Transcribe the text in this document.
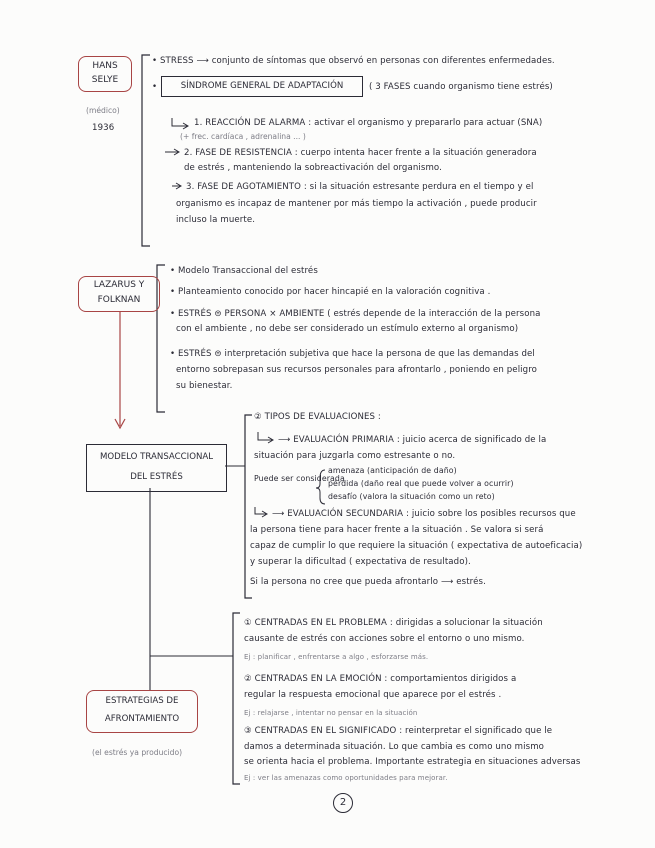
HANS
SELYE
(médico)
1936
• STRESS ⟶ conjunto de síntomas que observó en personas con diferentes enfermedades.
•	SÍNDROME GENERAL DE ADAPTACIÓN	( 3 FASES cuando organismo tiene estrés)
1. REACCIÓN DE ALARMA : activar el organismo y prepararlo para actuar (SNA)
(+ frec. cardíaca , adrenalina ... )
2. FASE DE RESISTENCIA : cuerpo intenta hacer frente a la situación generadora
de estrés , manteniendo la sobreactivación del organismo.
3. FASE DE AGOTAMIENTO : si la situación estresante perdura en el tiempo y el
organismo es incapaz de mantener por más tiempo la activación , puede producir
incluso la muerte.
LAZARUS Y
FOLKNAN
• Modelo Transaccional del estrés
• Planteamiento conocido por hacer hincapié en la valoración cognitiva .
• ESTRÉS ⊜ PERSONA × AMBIENTE ( estrés depende de la interacción de la persona
con el ambiente , no debe ser considerado un estímulo externo al organismo)
• ESTRÉS ⊜ interpretación subjetiva que hace la persona de que las demandas del
entorno sobrepasan sus recursos personales para afrontarlo , poniendo en peligro
su bienestar.
MODELO TRANSACCIONAL
DEL ESTRÉS
② TIPOS DE EVALUACIONES :
⟶ EVALUACIÓN PRIMARIA : juicio acerca de significado de la
situación para juzgarla como estresante o no.
Puede ser considerada
amenaza (anticipación de daño)
pérdida (daño real que puede volver a ocurrir)
desafío (valora la situación como un reto)
⟶ EVALUACIÓN SECUNDARIA : juicio sobre los posibles recursos que
la persona tiene para hacer frente a la situación . Se valora si será
capaz de cumplir lo que requiere la situación ( expectativa de autoeficacia)
y superar la dificultad ( expectativa de resultado).
Si la persona no cree que pueda afrontarlo ⟶ estrés.
ESTRATEGIAS DE
AFRONTAMIENTO
(el estrés ya producido)
① CENTRADAS EN EL PROBLEMA : dirigidas a solucionar la situación
causante de estrés con acciones sobre el entorno o uno mismo.
Ej : planificar , enfrentarse a algo , esforzarse más.
② CENTRADAS EN LA EMOCIÓN : comportamientos dirigidos a
regular la respuesta emocional que aparece por el estrés .
Ej : relajarse , intentar no pensar en la situación
③ CENTRADAS EN EL SIGNIFICADO : reinterpretar el significado que le
damos a determinada situación. Lo que cambia es como uno mismo
se orienta hacia el problema. Importante estrategia en situaciones adversas
Ej : ver las amenazas como oportunidades para mejorar.
2
